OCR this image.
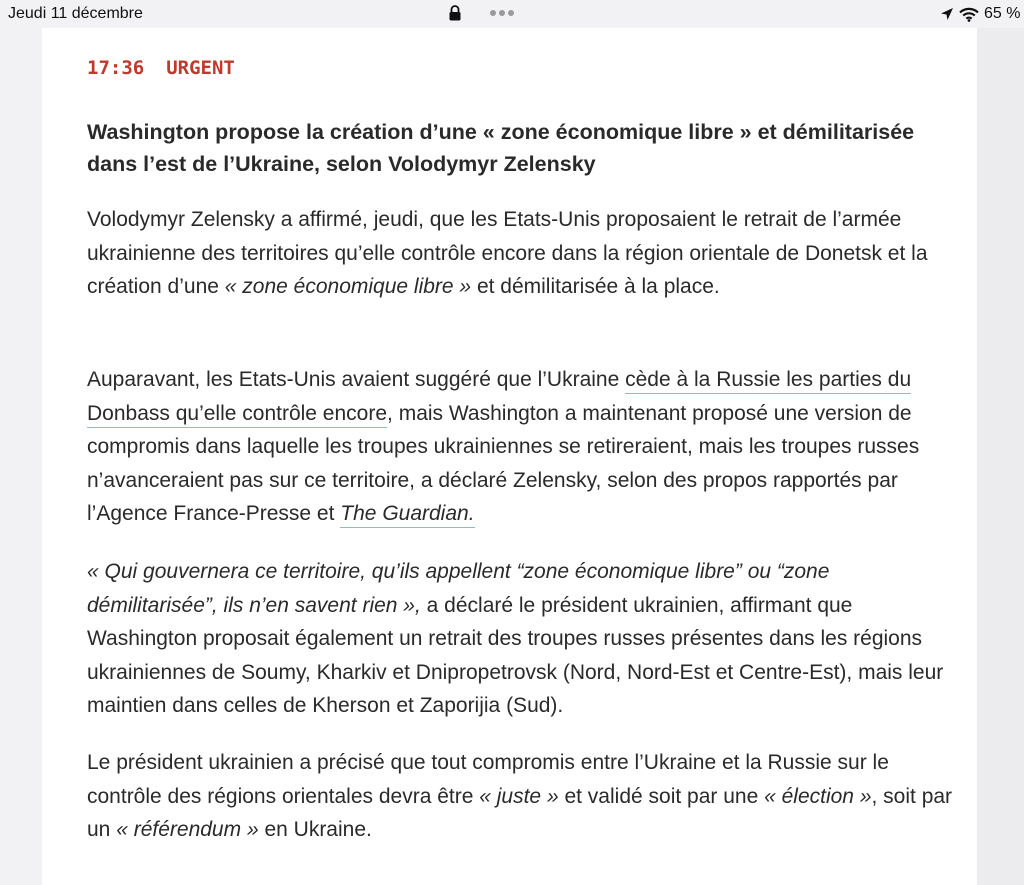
Jeudi 11 décembre	65 %
17:36 URGENT
Washington propose la création d’une « zone économique libre » et démilitarisée dans l’est de l’Ukraine, selon Volodymyr Zelensky

Volodymyr Zelensky a affirmé, jeudi, que les Etats-Unis proposaient le retrait de l’armée ukrainienne des territoires qu’elle contrôle encore dans la région orientale de Donetsk et la création d’une « zone économique libre » et démilitarisée à la place.

Auparavant, les Etats-Unis avaient suggéré que l’Ukraine cède à la Russie les parties du Donbass qu’elle contrôle encore, mais Washington a maintenant proposé une version de compromis dans laquelle les troupes ukrainiennes se retireraient, mais les troupes russes n’avanceraient pas sur ce territoire, a déclaré Zelensky, selon des propos rapportés par l’Agence France-Presse et The Guardian.

« Qui gouvernera ce territoire, qu’ils appellent “zone économique libre” ou “zone démilitarisée”, ils n’en savent rien », a déclaré le président ukrainien, affirmant que Washington proposait également un retrait des troupes russes présentes dans les régions ukrainiennes de Soumy, Kharkiv et Dnipropetrovsk (Nord, Nord-Est et Centre-Est), mais leur maintien dans celles de Kherson et Zaporijia (Sud).

Le président ukrainien a précisé que tout compromis entre l’Ukraine et la Russie sur le contrôle des régions orientales devra être « juste » et validé soit par une « élection », soit par un « référendum » en Ukraine.
